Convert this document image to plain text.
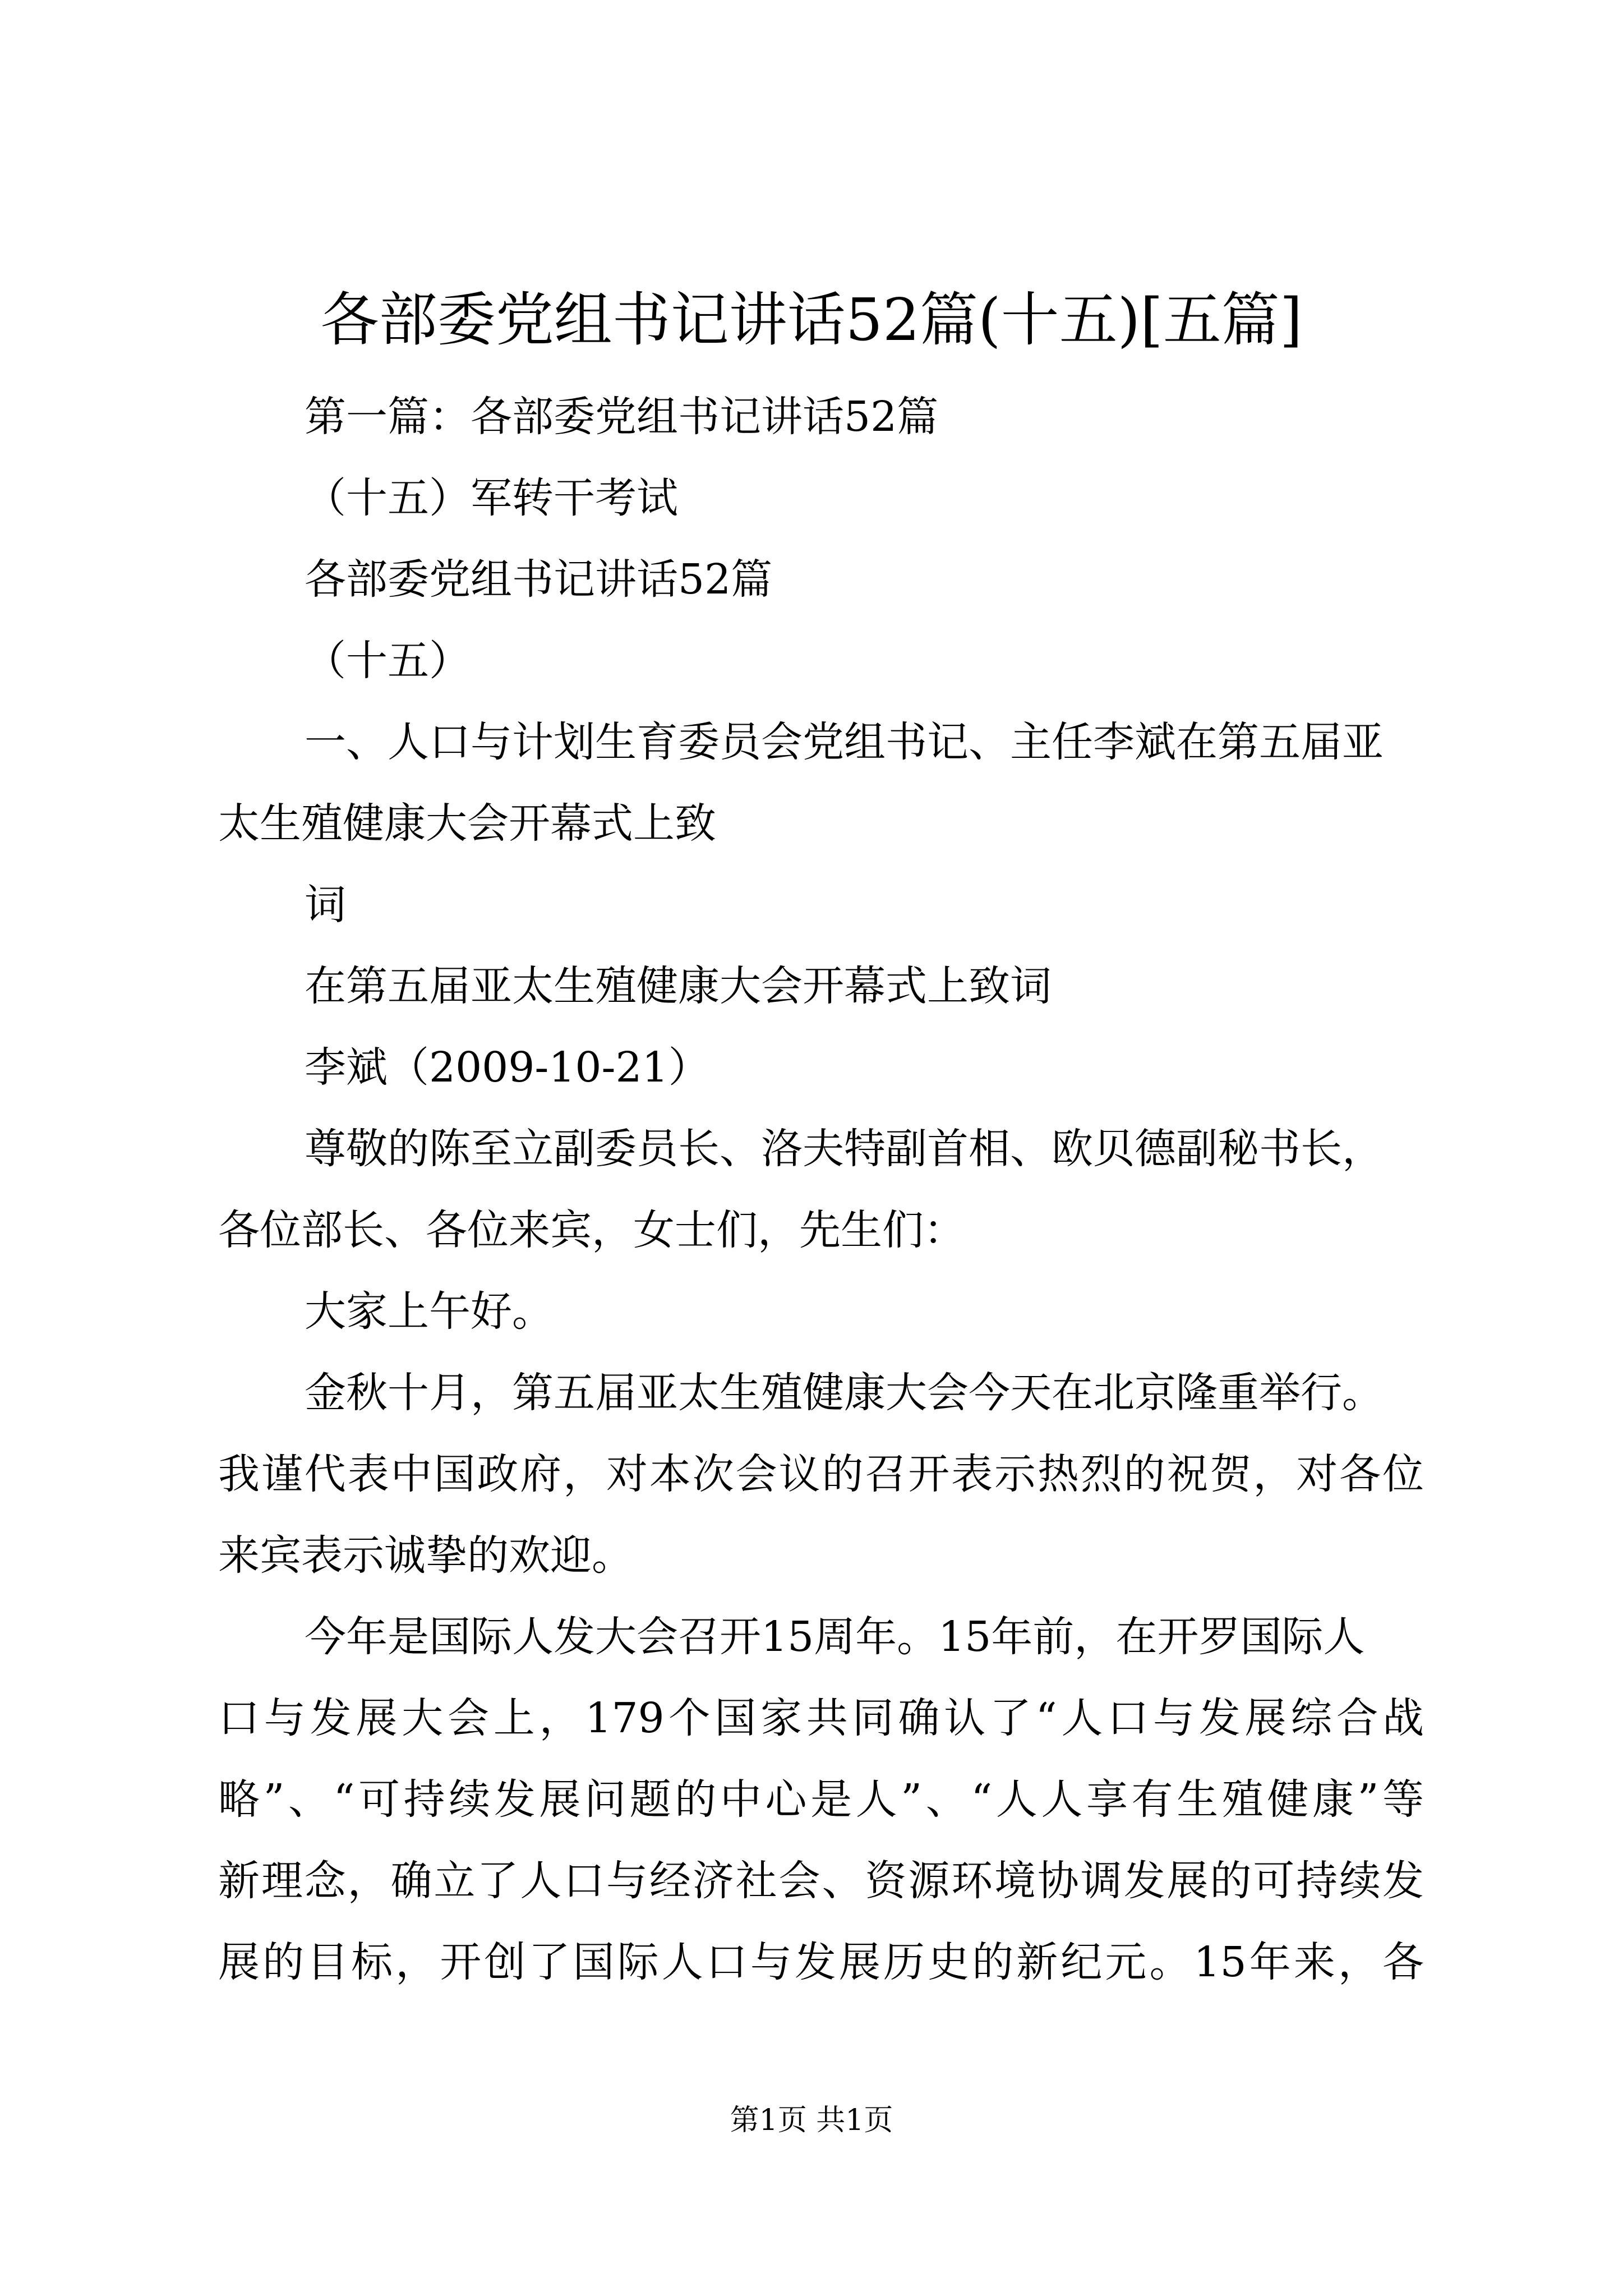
各部委党组书记讲话52篇(十五)[五篇]

第一篇：各部委党组书记讲话52篇

（十五）军转干考试

各部委党组书记讲话52篇

（十五）

一、人口与计划生育委员会党组书记、主任李斌在第五届亚

太生殖健康大会开幕式上致

词

在第五届亚太生殖健康大会开幕式上致词

李斌（2009-10-21）

尊敬的陈至立副委员长、洛夫特副首相、欧贝德副秘书长，

各位部长、各位来宾，女士们，先生们：

大家上午好。

金秋十月，第五届亚太生殖健康大会今天在北京隆重举行。

我谨代表中国政府，对本次会议的召开表示热烈的祝贺，对各位

来宾表示诚挚的欢迎。

今年是国际人发大会召开15周年。15年前，在开罗国际人

口与发展大会上，179个国家共同确认了“人口与发展综合战

略”、“可持续发展问题的中心是人”、“人人享有生殖健康”等

新理念，确立了人口与经济社会、资源环境协调发展的可持续发

展的目标，开创了国际人口与发展历史的新纪元。15年来，各

第1页 共1页
